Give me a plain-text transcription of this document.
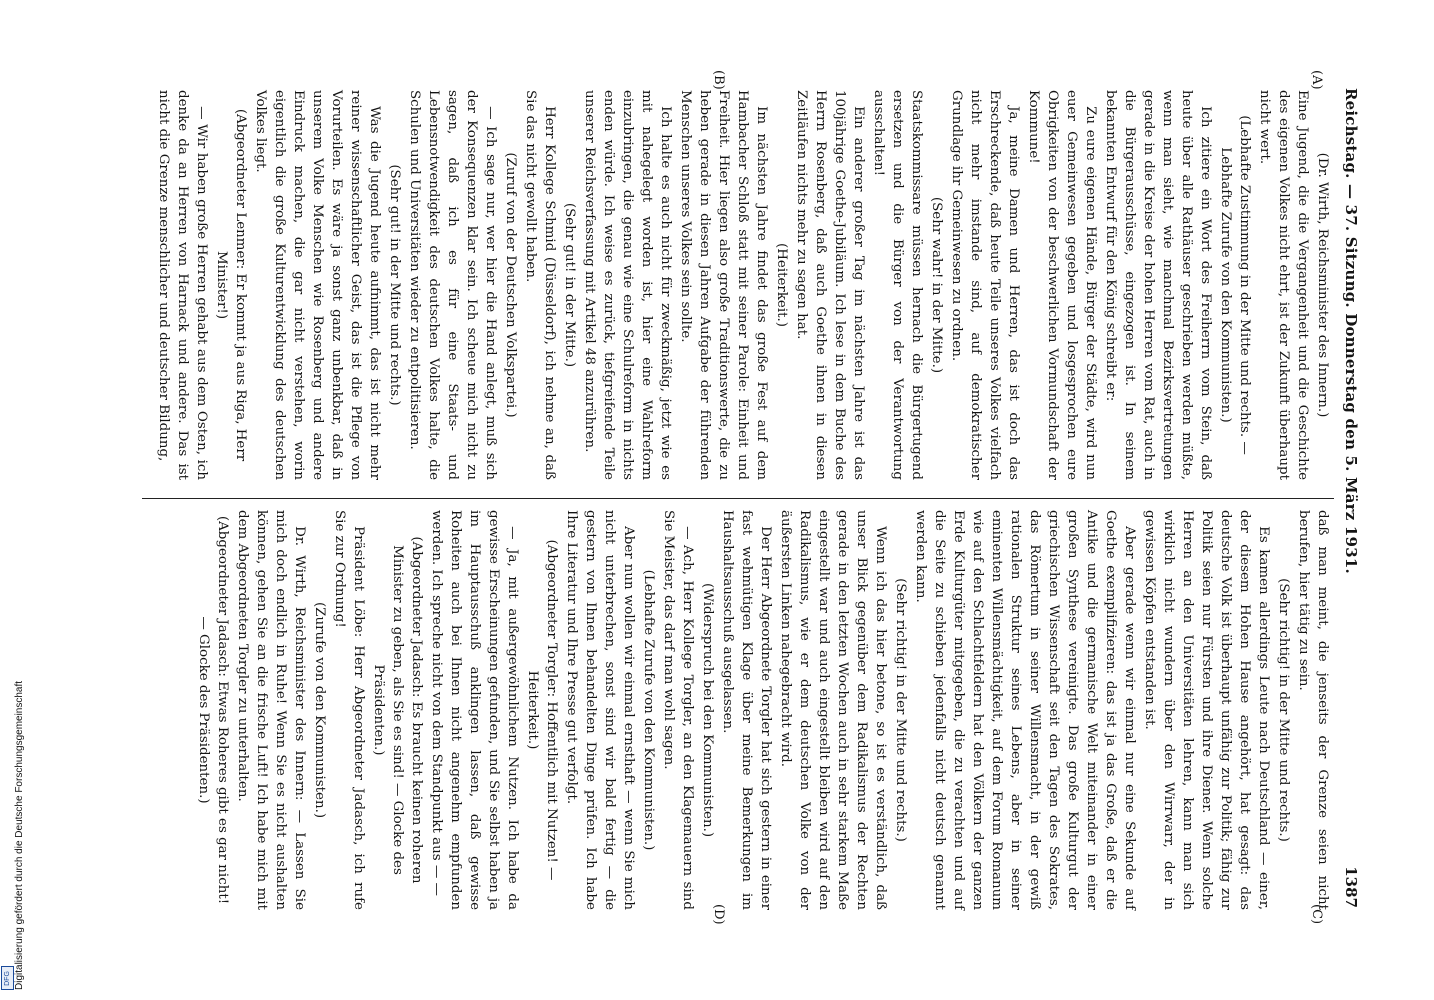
Reichstag. — 37. Sitzung. Donnerstag den 5. März 1931.
1387
(A)
(B)
(C)
(D)

(Dr. Wirth, Reichsminister des Innern.)

Eine Jugend, die die Vergangenheit und die Geschichte des eigenen Volkes nicht ehrt, ist der Zukunft überhaupt nicht wert.

(Lebhafte Zustimmung in der Mitte und rechts. — Lebhafte Zurufe von den Kommunisten.)

Ich zitiere ein Wort des Freiherrn vom Stein, daß heute über alle Rathäuser geschrieben werden müßte, wenn man sieht, wie manchmal Bezirksvertretungen gerade in die Kreise der hohen Herren vom Rat, auch in die Bürgerausschüsse, eingezogen ist. In seinem bekannten Entwurf für den König schreibt er:

Zu eure eigenen Hände, Bürger der Städte, wird nun euer Gemeinwesen gegeben und losgesprochen eure Obrigkeiten von der beschwerlichen Vormundschaft der Kommune!

Ja, meine Damen und Herren, das ist doch das Erschreckende, daß heute Teile unseres Volkes vielfach nicht mehr imstande sind, auf demokratischer Grundlage ihr Gemeinwesen zu ordnen.

(Sehr wahr! in der Mitte.)

Staatskommissare müssen hernach die Bürgertugend ersetzen und die Bürger von der Verantwortung ausschalten!

Ein anderer großer Tag im nächsten Jahre ist das 100jährige Goethe-Jubiläum. Ich lese in dem Buche des Herrn Rosenberg, daß auch Goethe ihnen in diesen Zeitläufen nichts mehr zu sagen hat.

(Heiterkeit.)

Im nächsten Jahre findet das große Fest auf dem Hambacher Schloß statt mit seiner Parole: Einheit und Freiheit. Hier liegen also große Traditionswerte, die zu heben gerade in diesen Jahren Aufgabe der führenden Menschen unseres Volkes sein sollte.

Ich halte es auch nicht für zweckmäßig, jetzt wie es mit nahegelegt worden ist, hier eine Wahlreform einzubringen, die genau wie eine Schulreform in nichts enden würde. Ich weise es zurück, tiefgreifende Teile unserer Reichsverfassung mit Artikel 48 anzurühren.

(Sehr gut! in der Mitte.)

Herr Kollege Schmid (Düsseldorf), ich nehme an, daß Sie das nicht gewollt haben.

(Zuruf von der Deutschen Volkspartei.)

— Ich sage nur, wer hier die Hand anlegt, muß sich der Konsequenzen klar sein. Ich scheue mich nicht zu sagen, daß ich es für eine Staats- und Lebensnotwendigkeit des deutschen Volkes halte, die Schulen und Universitäten wieder zu entpolitisieren.

(Sehr gut! in der Mitte und rechts.)

Was die Jugend heute aufnimmt, das ist nicht mehr reiner wissenschaftlicher Geist, das ist die Pflege von Vorurteilen. Es wäre ja sonst ganz unbenkbar, daß in unserem Volke Menschen wie Rosenberg und andere Eindruck machen, die gar nicht verstehen, worin eigentlich die große Kulturentwicklung des deutschen Volkes liegt.

(Abgeordneter Lenmer: Er kommt ja aus Riga, Herr Minister!)

— Wir haben große Herren gehabt aus dem Osten, ich denke da an Herren von Harnack und andere. Das ist nicht die Grenze menschlicher und deutscher Bildung,

daß man meint, die jenseits der Grenze seien nicht berufen, hier tätig zu sein.

(Sehr richtig! in der Mitte und rechts.)

Es kamen allerdings Leute nach Deutschland — einer, der diesem Hohen Hause angehört, hat gesagt: das deutsche Volk ist überhaupt unfähig zur Politik; fähig zur Politik seien nur Fürsten und ihre Diener. Wenn solche Herren an den Universitäten lehren, kann man sich wirklich nicht wundern über den Wirrwarr, der in gewissen Köpfen entstanden ist.

Aber gerade wenn wir einmal nur eine Sekunde auf Goethe exemplifizieren: das ist ja das Große, daß er die Antike und die germanische Welt miteinander in einer großen Synthese vereinigte. Das große Kulturgut der griechischen Wissenschaft seit den Tagen des Sokrates, das Römertum in seiner Willensmacht, in der gewiß rationalen Struktur seines Lebens, aber in seiner eminenten Willensmächtigkeit, auf dem Forum Romanum wie auf den Schlachtfeldern hat den Völkern der ganzen Erde Kulturgüter mitgegeben, die zu verachten und auf die Seite zu schieben jedenfalls nicht deutsch genannt werden kann.

(Sehr richtig! in der Mitte und rechts.)

Wenn ich das hier betone, so ist es verständlich, daß unser Blick gegenüber dem Radikalismus der Rechten gerade in den letzten Wochen auch in sehr starkem Maße eingestellt war und auch eingestellt bleiben wird auf den Radikalismus, wie er dem deutschen Volke von der äußersten Linken nahegebracht wird.

Der Herr Abgeordnete Torgler hat sich gestern in einer fast wehmütigen Klage über meine Bemerkungen im Haushaltsausschuß ausgelassen.

(Widerspruch bei den Kommunisten.)

— Ach, Herr Kollege Torgler, an den Klagemauern sind Sie Meister, das darf man wohl sagen.

(Lebhafte Zurufe von den Kommunisten.)

Aber nun wollen wir einmal ernsthaft — wenn Sie mich nicht unterbrechen, sonst sind wir bald fertig — die gestern von Ihnen behandelten Dinge prüfen. Ich habe Ihre Literatur und Ihre Presse gut verfolgt.

(Abgeordneter Torgler: Hoffentlich mit Nutzen! — Heiterkeit.)

— Ja, mit außergewöhnlichem Nutzen. Ich habe da gewisse Erscheinungen gefunden, und Sie selbst haben ja im Hauptausschuß anklingen lassen, daß gewisse Roheiten auch bei Ihnen nicht angenehm empfunden werden. Ich spreche nicht von dem Standpunkt aus — —

(Abgeordneter Jadasch: Es braucht keinen roheren Minister zu geben, als Sie es sind! — Glocke des Präsidenten.)

Präsident Löbe: Herr Abgeordneter Jadasch, ich rufe Sie zur Ordnung!

(Zurufe von den Kommunisten.)

Dr. Wirth, Reichsminister des Innern: — Lassen Sie mich doch endlich in Ruhe! Wenn Sie es nicht aushalten können, gehen Sie an die frische Luft! Ich habe mich mit dem Abgeordneten Torgler zu unterhalten.

(Abgeordneter Jadasch: Etwas Roheres gibt es gar nicht! — Glocke des Präsidenten.)

Digitalisierung gefördert durch die Deutsche Forschungsgemeinschaft
DFG
